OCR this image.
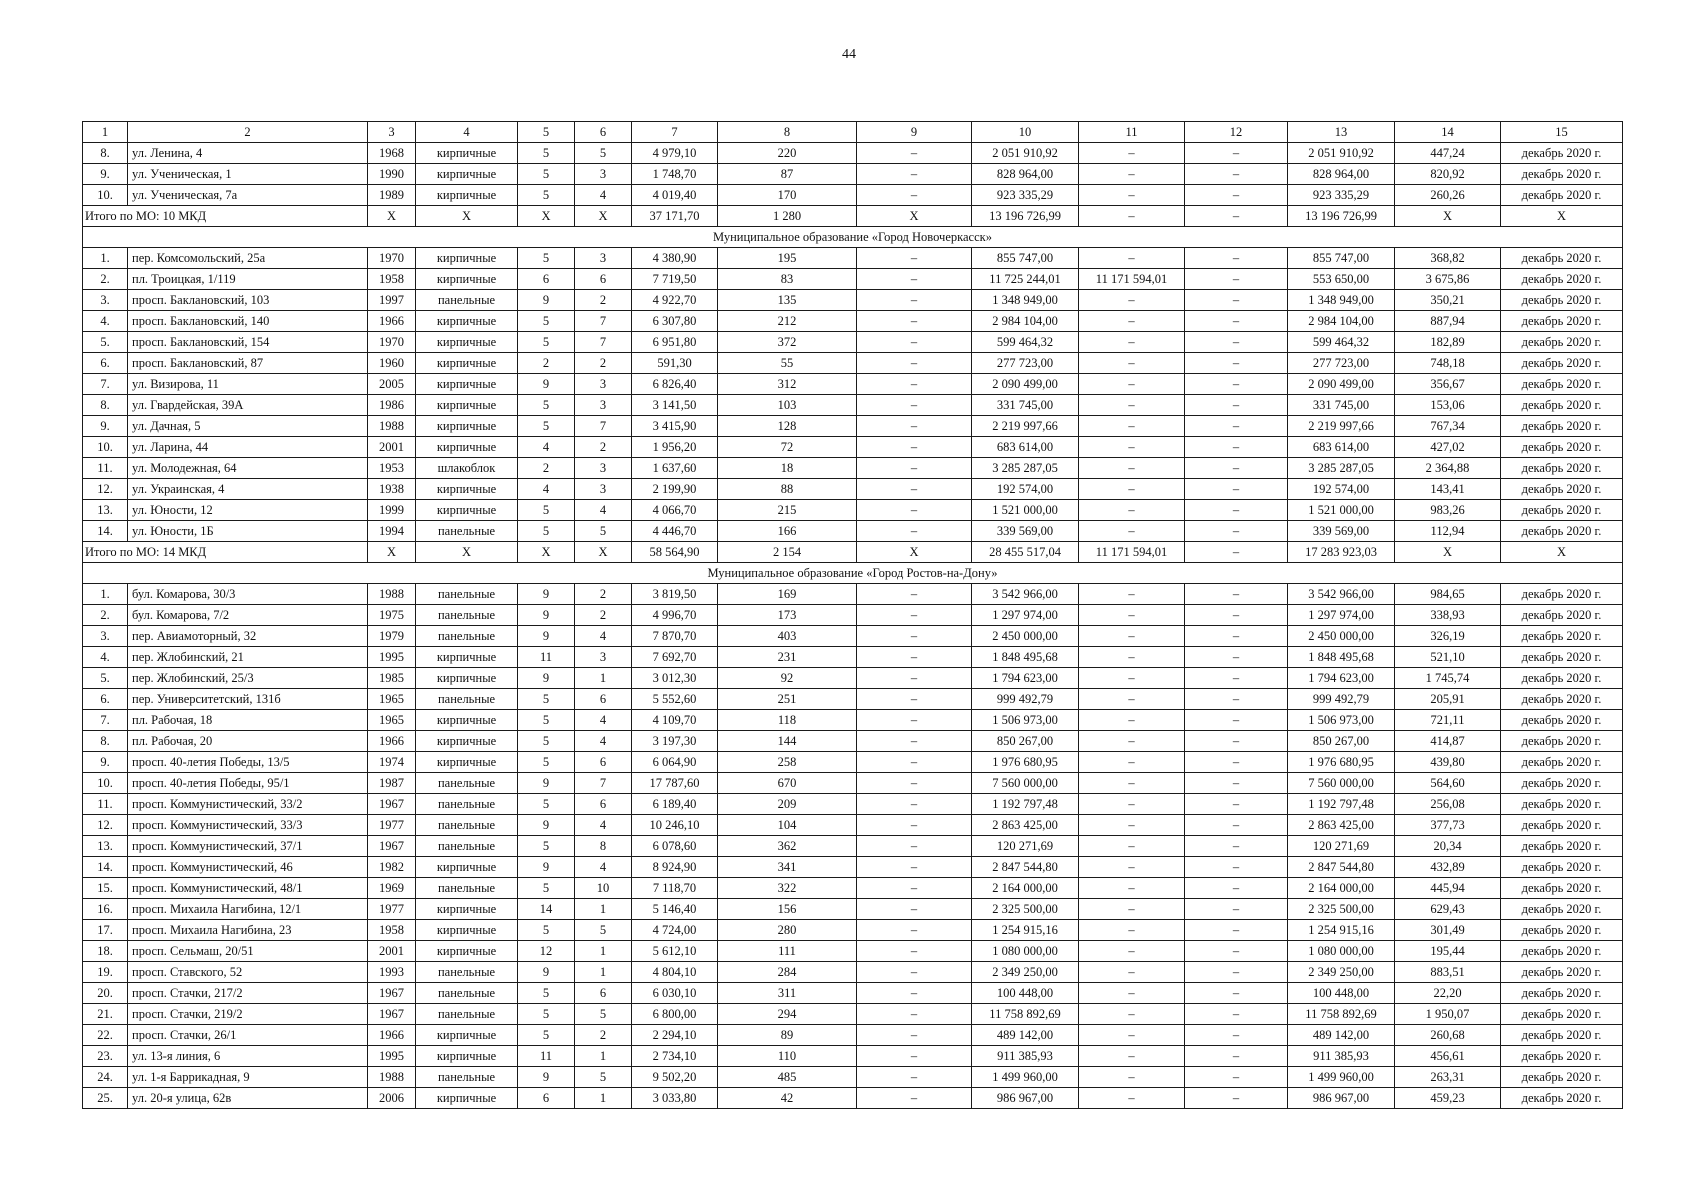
44
1	2	3	4	5	6	7	8	9	10	11	12	13	14	15
8.	ул. Ленина, 4	1968	кирпичные	5	5	4 979,10	220	–	2 051 910,92	–	–	2 051 910,92	447,24	декабрь 2020 г.
9.	ул. Ученическая, 1	1990	кирпичные	5	3	1 748,70	87	–	828 964,00	–	–	828 964,00	820,92	декабрь 2020 г.
10.	ул. Ученическая, 7а	1989	кирпичные	5	4	4 019,40	170	–	923 335,29	–	–	923 335,29	260,26	декабрь 2020 г.
Итого по МО: 10 МКД		X	X	X	X	37 171,70	1 280	X	13 196 726,99	–	–	13 196 726,99	X	X
Муниципальное образование «Город Новочеркасск»														
1.	пер. Комсомольский, 25а	1970	кирпичные	5	3	4 380,90	195	–	855 747,00	–	–	855 747,00	368,82	декабрь 2020 г.
2.	пл. Троицкая, 1/119	1958	кирпичные	6	6	7 719,50	83	–	11 725 244,01	11 171 594,01	–	553 650,00	3 675,86	декабрь 2020 г.
3.	просп. Баклановский, 103	1997	панельные	9	2	4 922,70	135	–	1 348 949,00	–	–	1 348 949,00	350,21	декабрь 2020 г.
4.	просп. Баклановский, 140	1966	кирпичные	5	7	6 307,80	212	–	2 984 104,00	–	–	2 984 104,00	887,94	декабрь 2020 г.
5.	просп. Баклановский, 154	1970	кирпичные	5	7	6 951,80	372	–	599 464,32	–	–	599 464,32	182,89	декабрь 2020 г.
6.	просп. Баклановский, 87	1960	кирпичные	2	2	591,30	55	–	277 723,00	–	–	277 723,00	748,18	декабрь 2020 г.
7.	ул. Визирова, 11	2005	кирпичные	9	3	6 826,40	312	–	2 090 499,00	–	–	2 090 499,00	356,67	декабрь 2020 г.
8.	ул. Гвардейская, 39А	1986	кирпичные	5	3	3 141,50	103	–	331 745,00	–	–	331 745,00	153,06	декабрь 2020 г.
9.	ул. Дачная, 5	1988	кирпичные	5	7	3 415,90	128	–	2 219 997,66	–	–	2 219 997,66	767,34	декабрь 2020 г.
10.	ул. Ларина, 44	2001	кирпичные	4	2	1 956,20	72	–	683 614,00	–	–	683 614,00	427,02	декабрь 2020 г.
11.	ул. Молодежная, 64	1953	шлакоблок	2	3	1 637,60	18	–	3 285 287,05	–	–	3 285 287,05	2 364,88	декабрь 2020 г.
12.	ул. Украинская, 4	1938	кирпичные	4	3	2 199,90	88	–	192 574,00	–	–	192 574,00	143,41	декабрь 2020 г.
13.	ул. Юности, 12	1999	кирпичные	5	4	4 066,70	215	–	1 521 000,00	–	–	1 521 000,00	983,26	декабрь 2020 г.
14.	ул. Юности, 1Б	1994	панельные	5	5	4 446,70	166	–	339 569,00	–	–	339 569,00	112,94	декабрь 2020 г.
Итого по МО: 14 МКД		X	X	X	X	58 564,90	2 154	X	28 455 517,04	11 171 594,01	–	17 283 923,03	X	X
Муниципальное образование «Город Ростов-на-Дону»														
1.	бул. Комарова, 30/3	1988	панельные	9	2	3 819,50	169	–	3 542 966,00	–	–	3 542 966,00	984,65	декабрь 2020 г.
2.	бул. Комарова, 7/2	1975	панельные	9	2	4 996,70	173	–	1 297 974,00	–	–	1 297 974,00	338,93	декабрь 2020 г.
3.	пер. Авиамоторный, 32	1979	панельные	9	4	7 870,70	403	–	2 450 000,00	–	–	2 450 000,00	326,19	декабрь 2020 г.
4.	пер. Жлобинский, 21	1995	кирпичные	11	3	7 692,70	231	–	1 848 495,68	–	–	1 848 495,68	521,10	декабрь 2020 г.
5.	пер. Жлобинский, 25/3	1985	кирпичные	9	1	3 012,30	92	–	1 794 623,00	–	–	1 794 623,00	1 745,74	декабрь 2020 г.
6.	пер. Университетский, 131б	1965	панельные	5	6	5 552,60	251	–	999 492,79	–	–	999 492,79	205,91	декабрь 2020 г.
7.	пл. Рабочая, 18	1965	кирпичные	5	4	4 109,70	118	–	1 506 973,00	–	–	1 506 973,00	721,11	декабрь 2020 г.
8.	пл. Рабочая, 20	1966	кирпичные	5	4	3 197,30	144	–	850 267,00	–	–	850 267,00	414,87	декабрь 2020 г.
9.	просп. 40-летия Победы, 13/5	1974	кирпичные	5	6	6 064,90	258	–	1 976 680,95	–	–	1 976 680,95	439,80	декабрь 2020 г.
10.	просп. 40-летия Победы, 95/1	1987	панельные	9	7	17 787,60	670	–	7 560 000,00	–	–	7 560 000,00	564,60	декабрь 2020 г.
11.	просп. Коммунистический, 33/2	1967	панельные	5	6	6 189,40	209	–	1 192 797,48	–	–	1 192 797,48	256,08	декабрь 2020 г.
12.	просп. Коммунистический, 33/3	1977	панельные	9	4	10 246,10	104	–	2 863 425,00	–	–	2 863 425,00	377,73	декабрь 2020 г.
13.	просп. Коммунистический, 37/1	1967	панельные	5	8	6 078,60	362	–	120 271,69	–	–	120 271,69	20,34	декабрь 2020 г.
14.	просп. Коммунистический, 46	1982	кирпичные	9	4	8 924,90	341	–	2 847 544,80	–	–	2 847 544,80	432,89	декабрь 2020 г.
15.	просп. Коммунистический, 48/1	1969	панельные	5	10	7 118,70	322	–	2 164 000,00	–	–	2 164 000,00	445,94	декабрь 2020 г.
16.	просп. Михаила Нагибина, 12/1	1977	кирпичные	14	1	5 146,40	156	–	2 325 500,00	–	–	2 325 500,00	629,43	декабрь 2020 г.
17.	просп. Михаила Нагибина, 23	1958	кирпичные	5	5	4 724,00	280	–	1 254 915,16	–	–	1 254 915,16	301,49	декабрь 2020 г.
18.	просп. Сельмаш, 20/51	2001	кирпичные	12	1	5 612,10	111	–	1 080 000,00	–	–	1 080 000,00	195,44	декабрь 2020 г.
19.	просп. Ставского, 52	1993	панельные	9	1	4 804,10	284	–	2 349 250,00	–	–	2 349 250,00	883,51	декабрь 2020 г.
20.	просп. Стачки, 217/2	1967	панельные	5	6	6 030,10	311	–	100 448,00	–	–	100 448,00	22,20	декабрь 2020 г.
21.	просп. Стачки, 219/2	1967	панельные	5	5	6 800,00	294	–	11 758 892,69	–	–	11 758 892,69	1 950,07	декабрь 2020 г.
22.	просп. Стачки, 26/1	1966	кирпичные	5	2	2 294,10	89	–	489 142,00	–	–	489 142,00	260,68	декабрь 2020 г.
23.	ул. 13-я линия, 6	1995	кирпичные	11	1	2 734,10	110	–	911 385,93	–	–	911 385,93	456,61	декабрь 2020 г.
24.	ул. 1-я Баррикадная, 9	1988	панельные	9	5	9 502,20	485	–	1 499 960,00	–	–	1 499 960,00	263,31	декабрь 2020 г.
25.	ул. 20-я улица, 62в	2006	кирпичные	6	1	3 033,80	42	–	986 967,00	–	–	986 967,00	459,23	декабрь 2020 г.
